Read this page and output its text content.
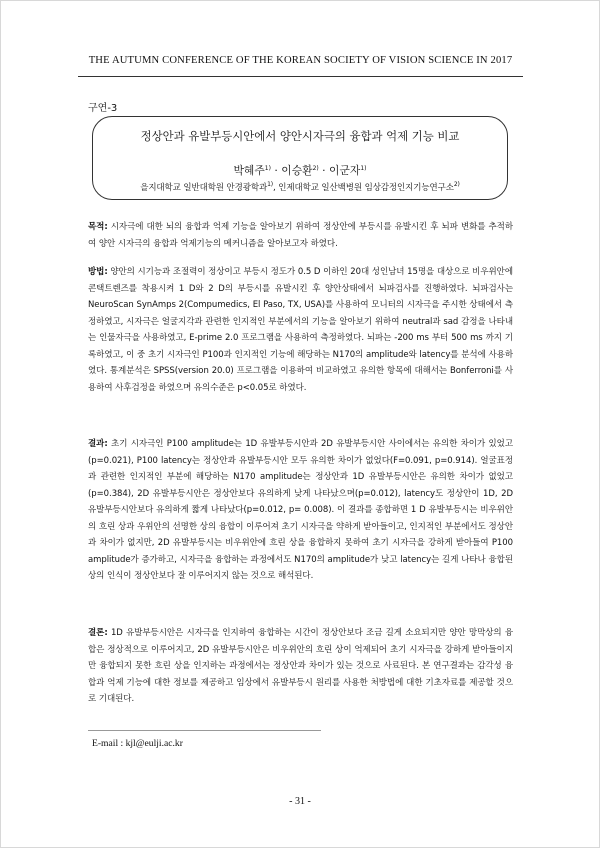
THE AUTUMN CONFERENCE OF THE KOREAN SOCIETY OF VISION SCIENCE IN 2017
구연-3
정상안과 유발부등시안에서 양안시자극의 융합과 억제 기능 비교
박혜주$^{1)}$ · 이승환$^{2)}$ · 이군자$^{1)}$
을지대학교 일반대학원 안경광학과$^{1)}$, 인제대학교 일산백병원 임상감정인지기능연구소$^{2)}$
목적: 시자극에 대한 뇌의 융합과 억제 기능을 알아보기 위하여 정상안에 부등시를 유발시킨 후 뇌파 변화를 추적하여 양안 시자극의 융합과 억제기능의 메커니즘을 알아보고자 하였다.
방법: 양안의 시기능과 조절력이 정상이고 부등시 정도가 0.5 D 이하인 20대 성인남녀 15명을 대상으로 비우위안에 콘택트렌즈를 착용시켜 1 D와 2 D의 부등시를 유발시킨 후 양안상태에서 뇌파검사를 진행하였다. 뇌파검사는 NeuroScan SynAmps 2(Compumedics, El Paso, TX, USA)를 사용하여 모니터의 시자극을 주시한 상태에서 측정하였고, 시자극은 얼굴지각과 관련한 인지적인 부분에서의 기능을 알아보기 위하여 neutral과 sad 감정을 나타내는 인물자극을 사용하였고, E-prime 2.0 프로그램을 사용하여 측정하였다. 뇌파는 -200 ms 부터 500 ms 까지 기록하였고, 이 중 초기 시자극인 P100과 인지적인 기능에 해당하는 N170의 amplitude와 latency를 분석에 사용하였다. 통계분석은 SPSS(version 20.0) 프로그램을 이용하여 비교하였고 유의한 항목에 대해서는 Bonferroni를 사용하여 사후검정을 하였으며 유의수준은 p<0.05로 하였다.
결과: 초기 시자극인 P100 amplitude는 1D 유발부등시안과 2D 유발부등시안 사이에서는 유의한 차이가 있었고(p=0.021), P100 latency는 정상안과 유발부등시안 모두 유의한 차이가 없었다(F=0.091, p=0.914). 얼굴표정과 관련한 인지적인 부분에 해당하는 N170 amplitude는 정상안과 1D 유발부등시안은 유의한 차이가 없었고(p=0.384), 2D 유발부등시안은 정상안보다 유의하게 낮게 나타났으며(p=0.012), latency도 정상안이 1D, 2D 유발부등시안보다 유의하게 짧게 나타났다(p=0.012, p= 0.008). 이 결과를 종합하면 1 D 유발부등시는 비우위안의 흐린 상과 우위안의 선명한 상의 융합이 이루어져 초기 시자극을 약하게 받아들이고, 인지적인 부분에서도 정상안과 차이가 없지만, 2D 유발부등시는 비우위안에 흐린 상을 융합하지 못하여 초기 시자극을 강하게 받아들여 P100 amplitude가 증가하고, 시자극을 융합하는 과정에서도 N170의 amplitude가 낮고 latency는 길게 나타나 융합된 상의 인식이 정상안보다 잘 이루어지지 않는 것으로 해석된다.
결론: 1D 유발부등시안은 시자극을 인지하여 융합하는 시간이 정상안보다 조금 길게 소요되지만 양안 망막상의 융합은 정상적으로 이루어지고, 2D 유발부등시안은 비우위안의 흐린 상이 억제되어 초기 시자극을 강하게 받아들이지만 융합되지 못한 흐린 상을 인지하는 과정에서는 정상안과 차이가 있는 것으로 사료된다. 본 연구결과는 감각성 융합과 억제 기능에 대한 정보를 제공하고 임상에서 유발부등시 원리를 사용한 처방법에 대한 기초자료를 제공할 것으로 기대된다.
E-mail : kjl@eulji.ac.kr
- 31 -
